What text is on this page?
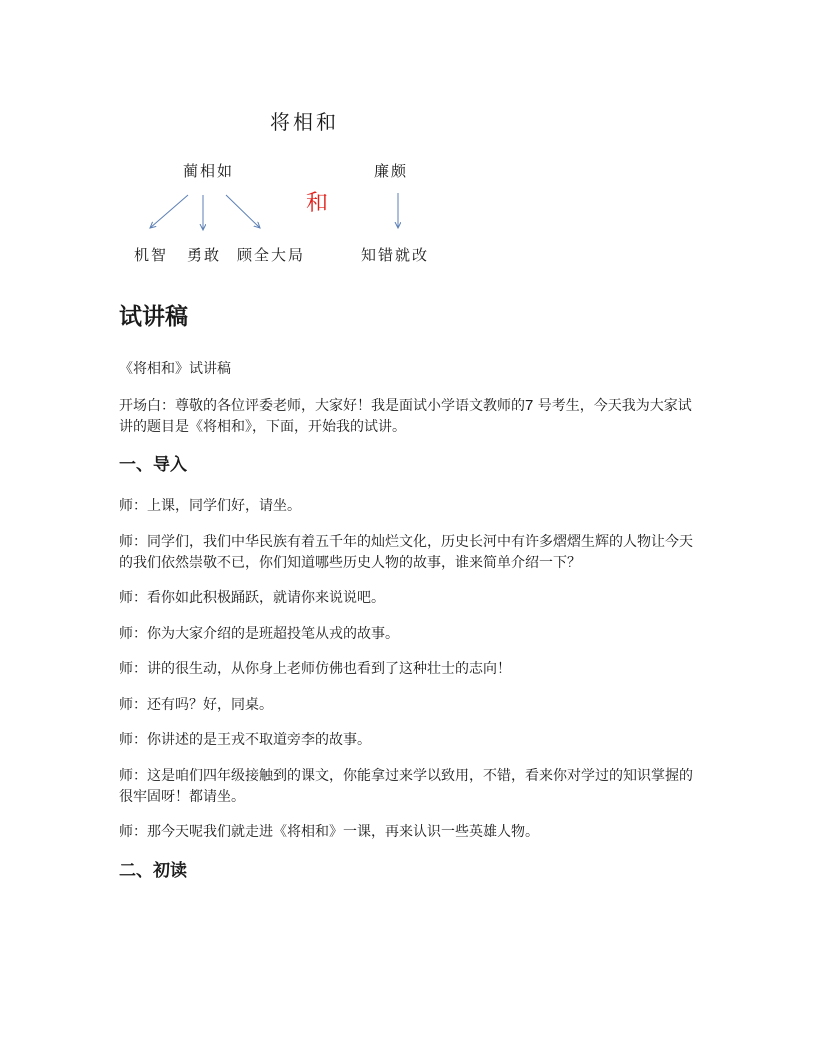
将相和
蔺相如	廉颇
和
机智 勇敢 顾全大局	知错就改
试讲稿

《将相和》试讲稿

开场白：尊敬的各位评委老师，大家好！我是面试小学语文教师的7 号考生，今天我为大家试讲的题目是《将相和》，下面，开始我的试讲。

一、导入

师：上课，同学们好，请坐。

师：同学们，我们中华民族有着五千年的灿烂文化，历史长河中有许多熠熠生辉的人物让今天的我们依然崇敬不已，你们知道哪些历史人物的故事，谁来简单介绍一下？

师：看你如此积极踊跃，就请你来说说吧。

师：你为大家介绍的是班超投笔从戎的故事。

师：讲的很生动，从你身上老师仿佛也看到了这种壮士的志向！

师：还有吗？好，同桌。

师：你讲述的是王戎不取道旁李的故事。

师：这是咱们四年级接触到的课文，你能拿过来学以致用，不错，看来你对学过的知识掌握的很牢固呀！都请坐。

师：那今天呢我们就走进《将相和》一课，再来认识一些英雄人物。

二、初读
